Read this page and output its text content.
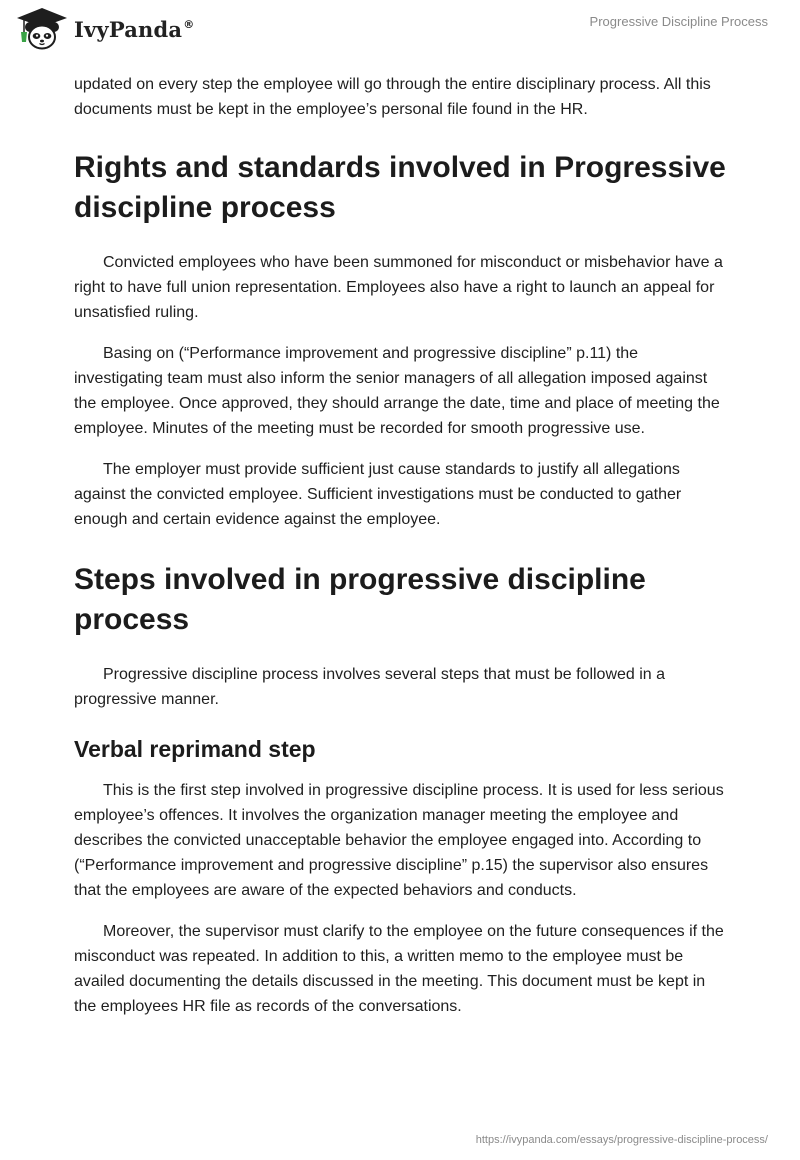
IvyPanda®	Progressive Discipline Process

updated on every step the employee will go through the entire disciplinary process. All this documents must be kept in the employee’s personal file found in the HR.

Rights and standards involved in Progressive discipline process

Convicted employees who have been summoned for misconduct or misbehavior have a right to have full union representation. Employees also have a right to launch an appeal for unsatisfied ruling.

Basing on (“Performance improvement and progressive discipline” p.11) the investigating team must also inform the senior managers of all allegation imposed against the employee. Once approved, they should arrange the date, time and place of meeting the employee. Minutes of the meeting must be recorded for smooth progressive use.

The employer must provide sufficient just cause standards to justify all allegations against the convicted employee. Sufficient investigations must be conducted to gather enough and certain evidence against the employee.

Steps involved in progressive discipline process

Progressive discipline process involves several steps that must be followed in a progressive manner.

Verbal reprimand step

This is the first step involved in progressive discipline process. It is used for less serious employee’s offences. It involves the organization manager meeting the employee and describes the convicted unacceptable behavior the employee engaged into. According to (“Performance improvement and progressive discipline” p.15) the supervisor also ensures that the employees are aware of the expected behaviors and conducts.

Moreover, the supervisor must clarify to the employee on the future consequences if the misconduct was repeated. In addition to this, a written memo to the employee must be availed documenting the details discussed in the meeting. This document must be kept in the employees HR file as records of the conversations.

https://ivypanda.com/essays/progressive-discipline-process/
